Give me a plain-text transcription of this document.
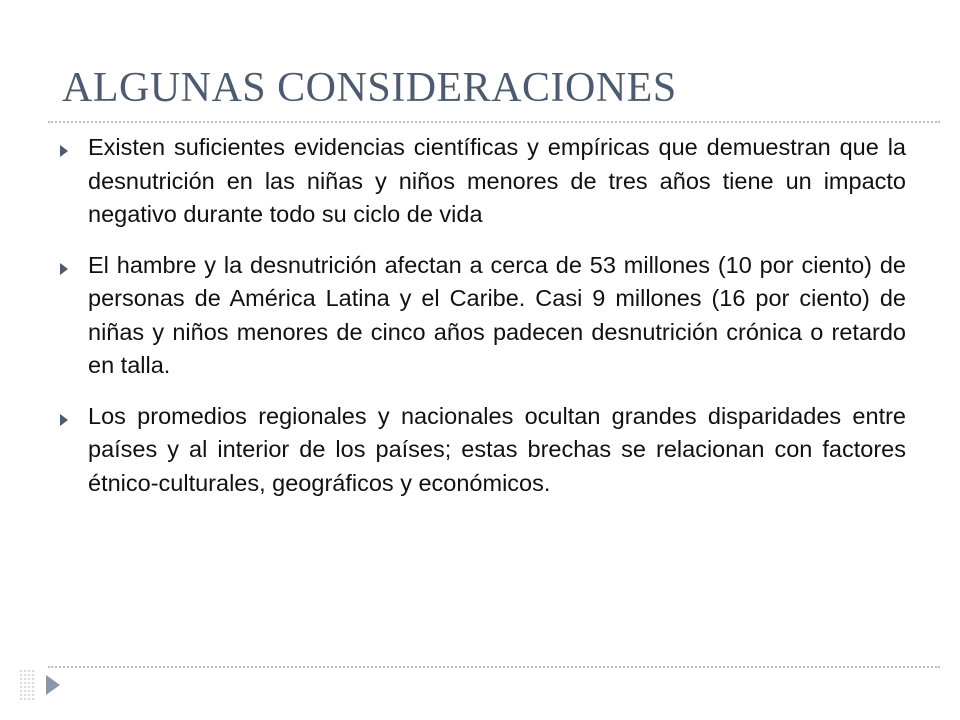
ALGUNAS CONSIDERACIONES
Existen suficientes evidencias científicas y empíricas que demuestran que la desnutrición en las niñas y niños menores de tres años tiene un impacto negativo durante todo su ciclo de vida
El hambre y la desnutrición afectan a cerca de 53 millones (10 por ciento) de personas de América Latina y el Caribe. Casi 9 millones (16 por ciento) de niñas y niños menores de cinco años padecen desnutrición crónica o retardo en talla.
Los promedios regionales y nacionales ocultan grandes disparidades entre países y al interior de los países; estas brechas se relacionan con factores étnico-culturales, geográficos y económicos.
